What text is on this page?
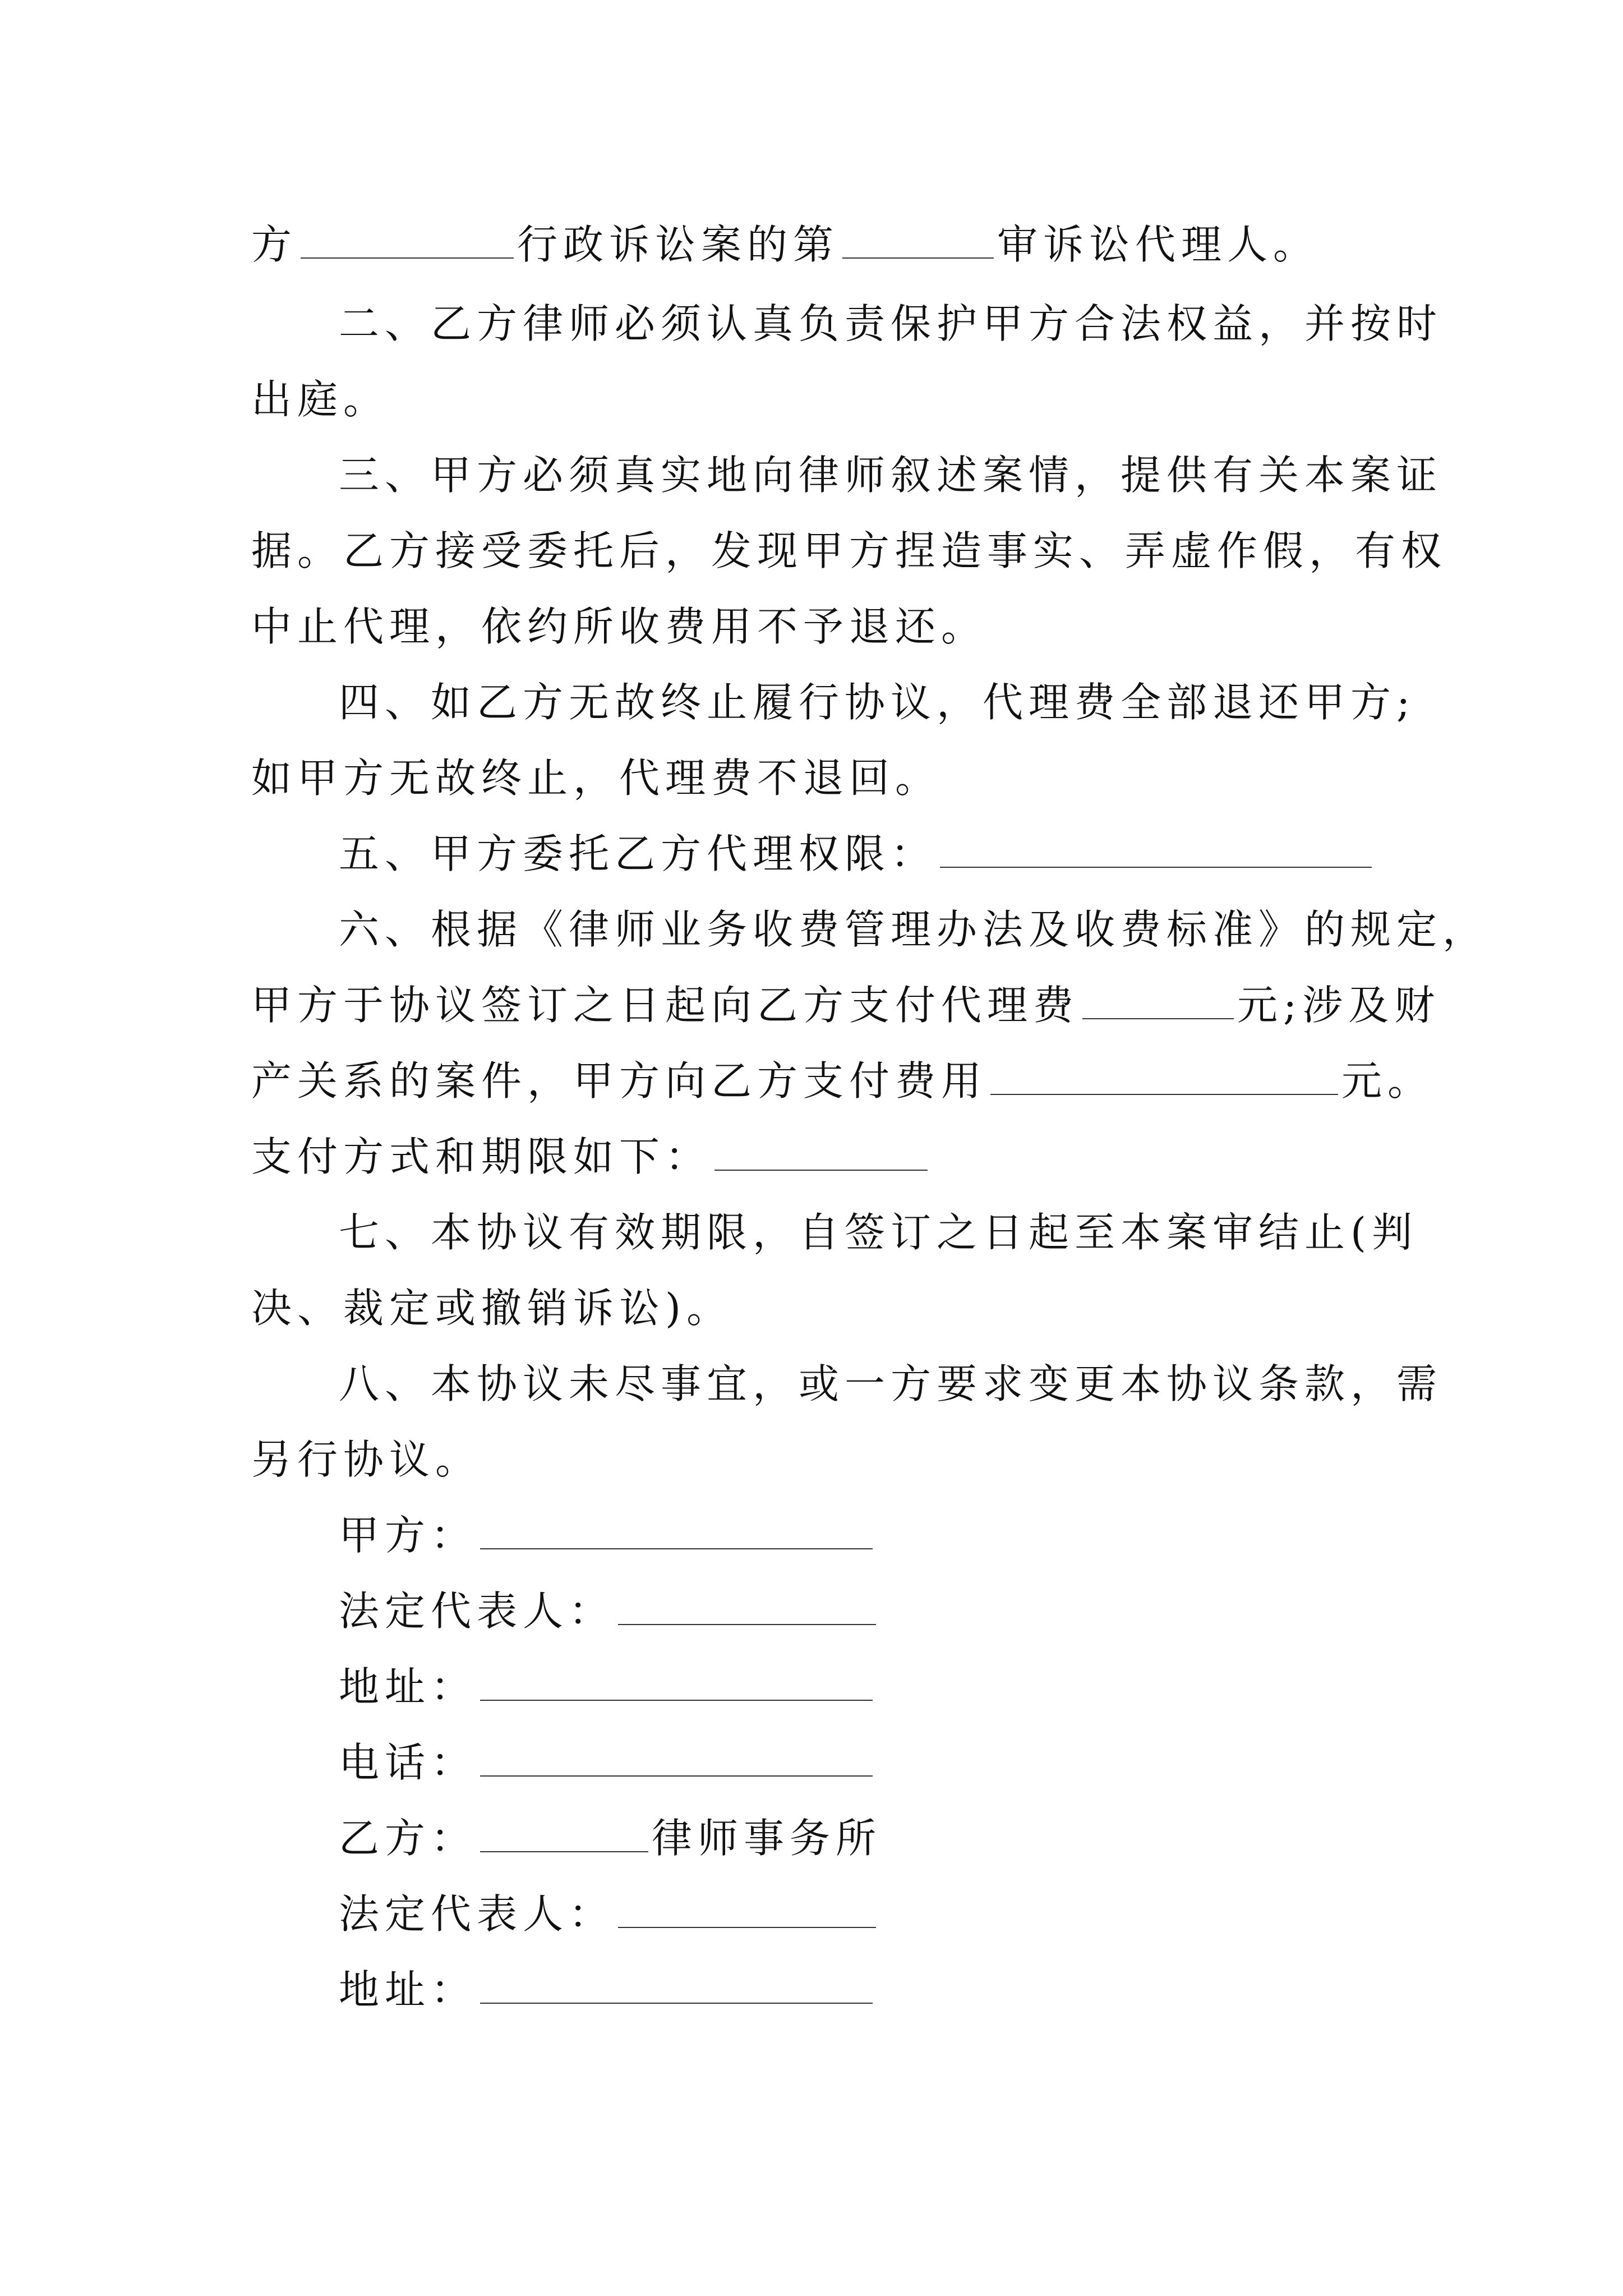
方	行政诉讼案的第	审诉讼代理人。
二、乙方律师必须认真负责保护甲方合法权益，并按时
出庭。
三、甲方必须真实地向律师叙述案情，提供有关本案证
据。乙方接受委托后，发现甲方捏造事实、弄虚作假，有权
中止代理，依约所收费用不予退还。
四、如乙方无故终止履行协议，代理费全部退还甲方;
如甲方无故终止，代理费不退回。
五、甲方委托乙方代理权限：
六、根据《律师业务收费管理办法及收费标准》的规定，
甲方于协议签订之日起向乙方支付代理费	元;涉及财
产关系的案件，甲方向乙方支付费用	元。
支付方式和期限如下：
七、本协议有效期限，自签订之日起至本案审结止(判
决、裁定或撤销诉讼)。
八、本协议未尽事宜，或一方要求变更本协议条款，需
另行协议。
甲方：
法定代表人：
地址：
电话：
乙方：	律师事务所
法定代表人：
地址：
